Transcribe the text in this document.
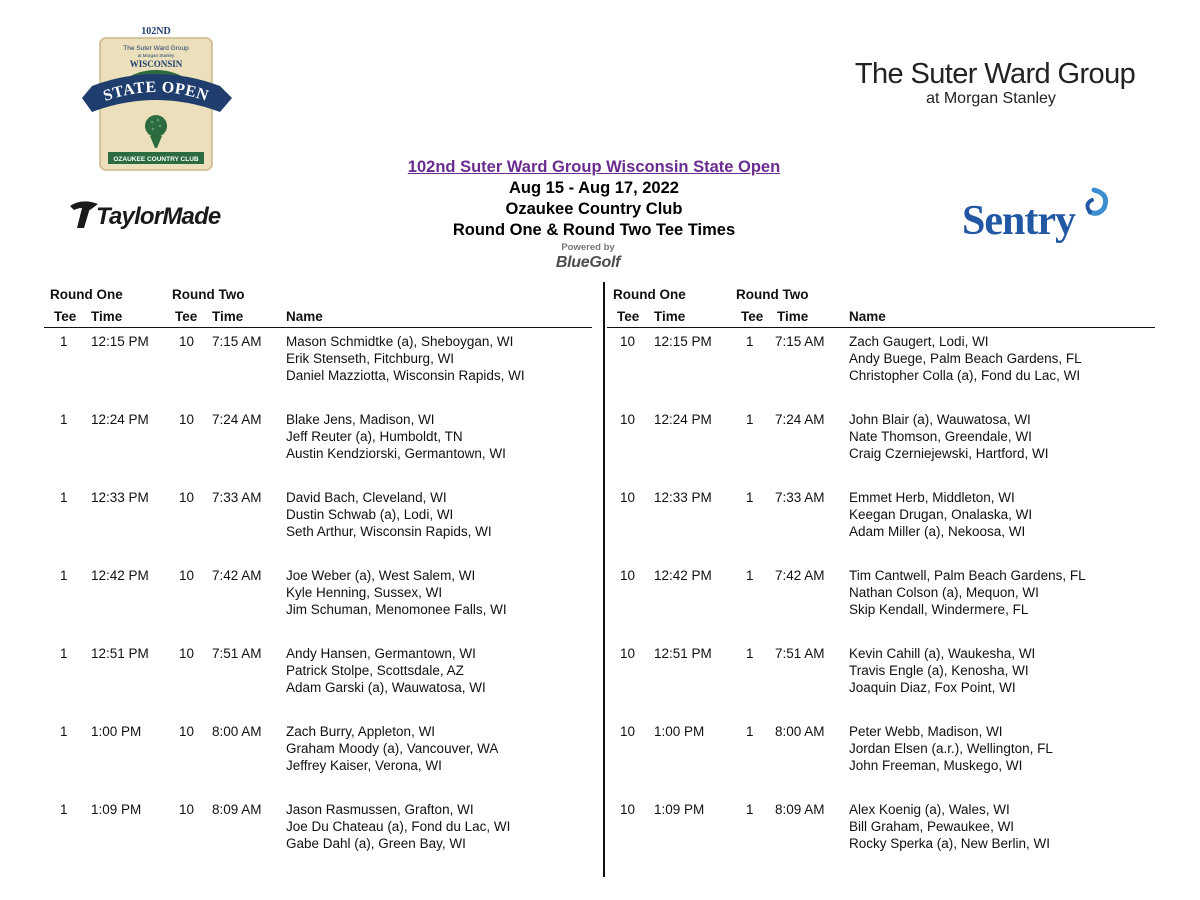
102ND
The Suter Ward Group
at Morgan Stanley
WISCONSIN
STATE OPEN
OZAUKEE COUNTRY CLUB
TaylorMade
The Suter Ward Group
at Morgan Stanley
Sentry
102nd Suter Ward Group Wisconsin State Open
Aug 15 - Aug 17, 2022
Ozaukee Country Club
Round One & Round Two Tee Times
Powered by
BlueGolf
Round One	Round Two
Tee Time	Tee Time	Name
1 12:15 PM 10 7:15 AM Mason Schmidtke (a), Sheboygan, WI
Erik Stenseth, Fitchburg, WI
Daniel Mazziotta, Wisconsin Rapids, WI
1 12:24 PM 10 7:24 AM Blake Jens, Madison, WI
Jeff Reuter (a), Humboldt, TN
Austin Kendziorski, Germantown, WI
1 12:33 PM 10 7:33 AM David Bach, Cleveland, WI
Dustin Schwab (a), Lodi, WI
Seth Arthur, Wisconsin Rapids, WI
1 12:42 PM 10 7:42 AM Joe Weber (a), West Salem, WI
Kyle Henning, Sussex, WI
Jim Schuman, Menomonee Falls, WI
1 12:51 PM 10 7:51 AM Andy Hansen, Germantown, WI
Patrick Stolpe, Scottsdale, AZ
Adam Garski (a), Wauwatosa, WI
1 1:00 PM	10 8:00 AM Zach Burry, Appleton, WI
Graham Moody (a), Vancouver, WA
Jeffrey Kaiser, Verona, WI
1 1:09 PM	10 8:09 AM Jason Rasmussen, Grafton, WI
Joe Du Chateau (a), Fond du Lac, WI
Gabe Dahl (a), Green Bay, WI
Round One	Round Two
Tee Time	Tee Time	Name
10 12:15 PM	1 7:15 AM Zach Gaugert, Lodi, WI
Andy Buege, Palm Beach Gardens, FL
Christopher Colla (a), Fond du Lac, WI
10 12:24 PM	1 7:24 AM John Blair (a), Wauwatosa, WI
Nate Thomson, Greendale, WI
Craig Czerniejewski, Hartford, WI
10 12:33 PM	1 7:33 AM Emmet Herb, Middleton, WI
Keegan Drugan, Onalaska, WI
Adam Miller (a), Nekoosa, WI
10 12:42 PM	1 7:42 AM Tim Cantwell, Palm Beach Gardens, FL
Nathan Colson (a), Mequon, WI
Skip Kendall, Windermere, FL
10 12:51 PM	1 7:51 AM Kevin Cahill (a), Waukesha, WI
Travis Engle (a), Kenosha, WI
Joaquin Diaz, Fox Point, WI
10 1:00 PM	1 8:00 AM Peter Webb, Madison, WI
Jordan Elsen (a.r.), Wellington, FL
John Freeman, Muskego, WI
10 1:09 PM	1 8:09 AM Alex Koenig (a), Wales, WI
Bill Graham, Pewaukee, WI
Rocky Sperka (a), New Berlin, WI
